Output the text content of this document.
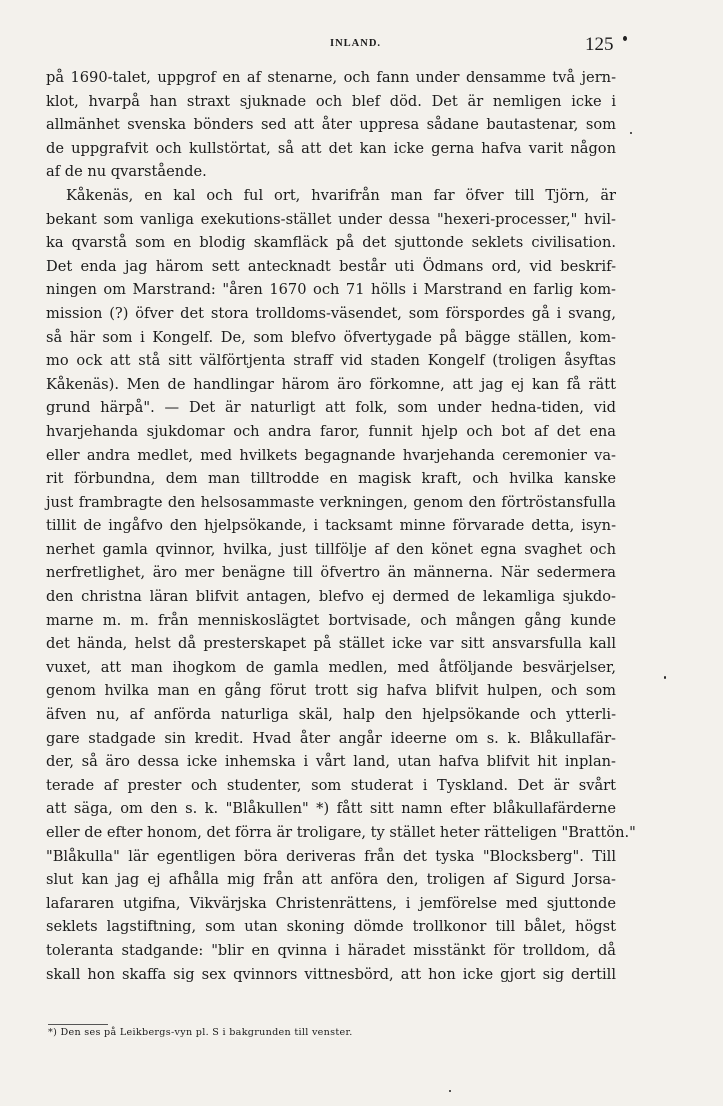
INLAND.	125
på 1690-talet, uppgrof en af stenarne, och fann under densamme två jern-
klot, hvarpå han straxt sjuknade och blef död. Det är nemligen icke i
allmänhet svenska bönders sed att åter uppresa sådane bautastenar, som
de uppgrafvit och kullstörtat, så att det kan icke gerna hafva varit någon
af de nu qvarstående.
Kåkenäs, en kal och ful ort, hvarifrån man far öfver till Tjörn, är
bekant som vanliga exekutions-stället under dessa "hexeri-processer," hvil-
ka qvarstå som en blodig skamfläck på det sjuttonde seklets civilisation.
Det enda jag härom sett antecknadt består uti Ödmans ord, vid beskrif-
ningen om Marstrand: "åren 1670 och 71 hölls i Marstrand en farlig kom-
mission (?) öfver det stora trolldoms-väsendet, som förspordes gå i svang,
så här som i Kongelf. De, som blefvo öfvertygade på bägge ställen, kom-
mo ock att stå sitt välförtjenta straff vid staden Kongelf (troligen åsyftas
Kåkenäs). Men de handlingar härom äro förkomne, att jag ej kan få rätt
grund härpå". — Det är naturligt att folk, som under hedna-tiden, vid
hvarjehanda sjukdomar och andra faror, funnit hjelp och bot af det ena
eller andra medlet, med hvilkets begagnande hvarjehanda ceremonier va-
rit förbundna, dem man tilltrodde en magisk kraft, och hvilka kanske
just frambragte den helsosammaste verkningen, genom den förtröstansfulla
tillit de ingåfvo den hjelpsökande, i tacksamt minne förvarade detta, isyn-
nerhet gamla qvinnor, hvilka, just tillfölje af den könet egna svaghet och
nerfretlighet, äro mer benägne till öfvertro än männerna. När sedermera
den christna läran blifvit antagen, blefvo ej dermed de lekamliga sjukdo-
marne m. m. från menniskoslägtet bortvisade, och mången gång kunde
det hända, helst då presterskapet på stället icke var sitt ansvarsfulla kall
vuxet, att man ihogkom de gamla medlen, med åtföljande besvärjelser,
genom hvilka man en gång förut trott sig hafva blifvit hulpen, och som
äfven nu, af anförda naturliga skäl, halp den hjelpsökande och ytterli-
gare stadgade sin kredit. Hvad åter angår ideerne om s. k. Blåkullafär-
der, så äro dessa icke inhemska i vårt land, utan hafva blifvit hit inplan-
terade af prester och studenter, som studerat i Tyskland. Det är svårt
att säga, om den s. k. "Blåkullen" *) fått sitt namn efter blåkullafärderne
eller de efter honom, det förra är troligare, ty stället heter rätteligen "Brattön."
"Blåkulla" lär egentligen böra deriveras från det tyska "Blocksberg". Till
slut kan jag ej afhålla mig från att anföra den, troligen af Sigurd Jorsa-
lafararen utgifna, Vikvärjska Christenrättens, i jemförelse med sjuttonde
seklets lagstiftning, som utan skoning dömde trollkonor till bålet, högst
toleranta stadgande: "blir en qvinna i häradet misstänkt för trolldom, då
skall hon skaffa sig sex qvinnors vittnesbörd, att hon icke gjort sig dertill
*) Den ses på Leikbergs-vyn pl. S i bakgrunden till venster.
